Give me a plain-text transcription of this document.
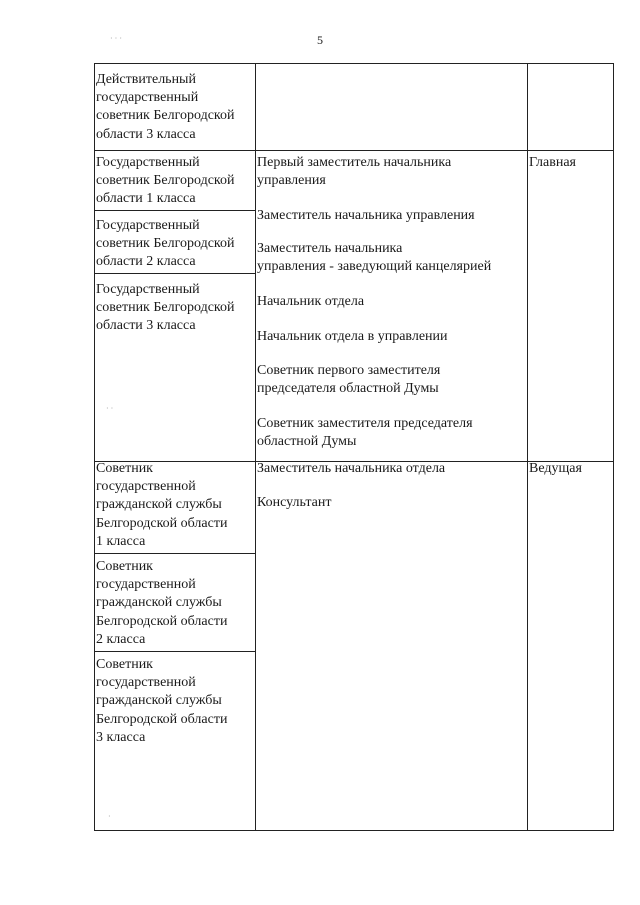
5

Действительный
государственный
советник Белгородской
области 3 класса

Государственный
советник Белгородской
области 1 класса

Государственный
советник Белгородской
области 2 класса

Государственный
советник Белгородской
области 3 класса

Первый заместитель начальника
управления

Заместитель начальника управления

Заместитель начальника
управления - заведующий канцелярией

Начальник отдела

Начальник отдела в управлении

Советник первого заместителя
председателя областной Думы

Советник заместителя председателя
областной Думы

Главная

Советник
государственной
гражданской службы
Белгородской области
1 класса

Советник
государственной
гражданской службы
Белгородской области
2 класса

Советник
государственной
гражданской службы
Белгородской области
3 класса

Заместитель начальника отдела

Консультант

Ведущая

· · ·
· ·
·
